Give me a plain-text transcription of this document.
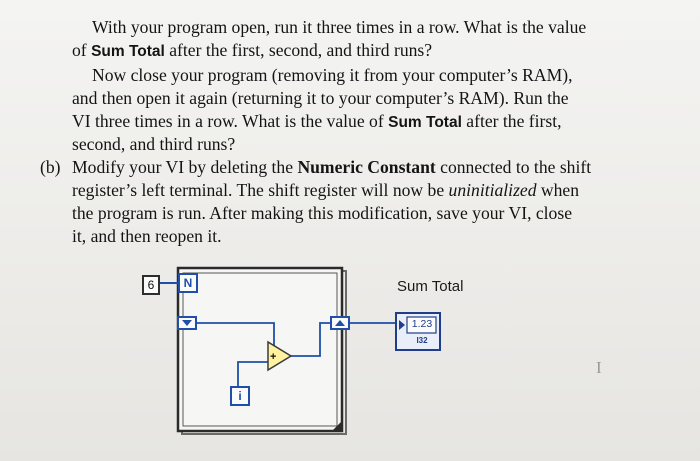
With your program open, run it three times in a row. What is the value
of Sum Total after the first, second, and third runs?
Now close your program (removing it from your computer’s RAM),
and then open it again (returning it to your computer’s RAM). Run the
VI three times in a row. What is the value of Sum Total after the first,
second, and third runs?
(b) Modify your VI by deleting the Numeric Constant connected to the shift
register’s left terminal. The shift register will now be uninitialized when
the program is run. After making this modification, save your VI, close
it, and then reopen it.
+
6	N
i
Sum Total
1.23
I32
I
